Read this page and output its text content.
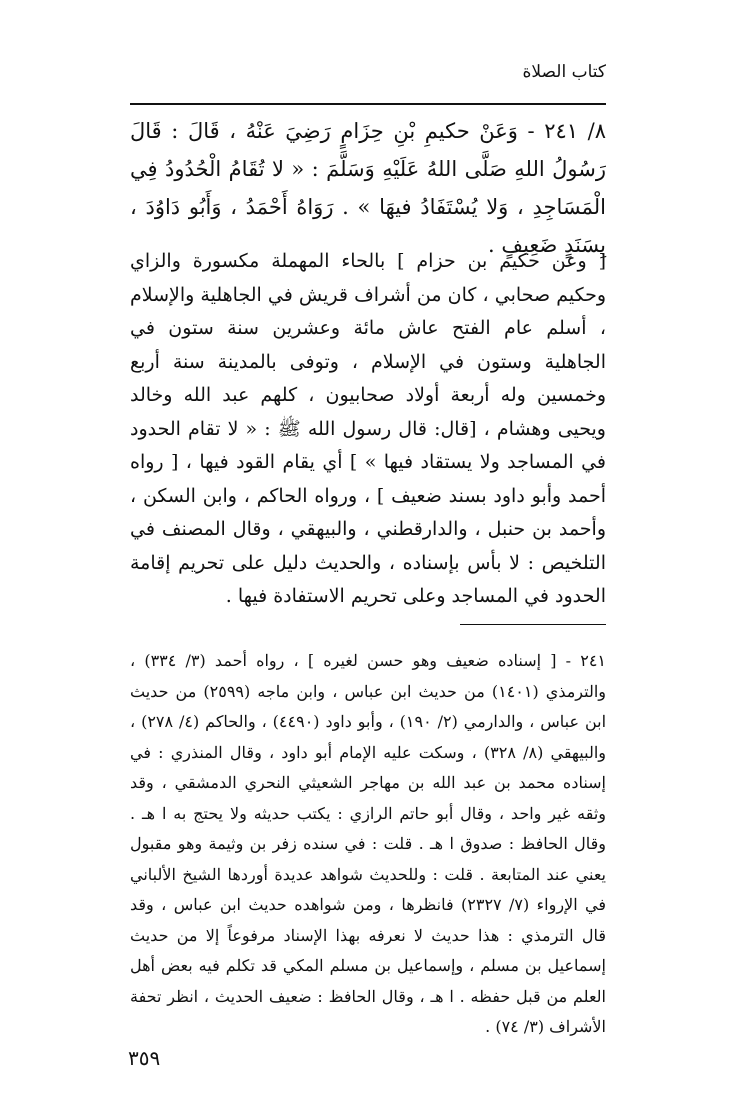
كتاب الصلاة

٨/ ٢٤١ - وَعَنْ حكيمِ بْنِ حِزَامٍ رَضِيَ عَنْهُ ، قَالَ : قَالَ رَسُولُ اللهِ صَلَّى اللهُ عَلَيْهِ وَسَلَّمَ : « لا تُقَامُ الْحُدُودُ فِي الْمَسَاجِدِ ، وَلا يُسْتَفَادُ فيهَا » . رَوَاهُ أَحْمَدُ ، وَأَبُو دَاوُدَ ، بِسَنَدٍ ضَعِيفٍ .

[ وعن حكيم بن حزام ] بالحاء المهملة مكسورة والزاي وحكيم صحابي ، كان من أشراف قريش في الجاهلية والإسلام ، أسلم عام الفتح عاش مائة وعشرين سنة ستون في الجاهلية وستون في الإسلام ، وتوفى بالمدينة سنة أربع وخمسين وله أربعة أولاد صحابيون ، كلهم عبد الله وخالد ويحيى وهشام ، [قال: قال رسول الله ﷺ : « لا تقام الحدود في المساجد ولا يستقاد فيها » ] أي يقام القود فيها ، [ رواه أحمد وأبو داود بسند ضعيف ] ، ورواه الحاكم ، وابن السكن ، وأحمد بن حنبل ، والدارقطني ، والبيهقي ، وقال المصنف في التلخيص : لا بأس بإسناده ، والحديث دليل على تحريم إقامة الحدود في المساجد وعلى تحريم الاستفادة فيها .

٢٤١ - [ إسناده ضعيف وهو حسن لغيره ] ، رواه أحمد (٣/ ٣٣٤) ، والترمذي (١٤٠١) من حديث ابن عباس ، وابن ماجه (٢٥٩٩) من حديث ابن عباس ، والدارمي (٢/ ١٩٠) ، وأبو داود (٤٤٩٠) ، والحاكم (٤/ ٢٧٨) ، والبيهقي (٨/ ٣٢٨) ، وسكت عليه الإمام أبو داود ، وقال المنذري : في إسناده محمد بن عبد الله بن مهاجر الشعيثي النحري الدمشقي ، وقد وثقه غير واحد ، وقال أبو حاتم الرازي : يكتب حديثه ولا يحتج به ا هـ . وقال الحافظ : صدوق ا هـ . قلت : في سنده زفر بن وثيمة وهو مقبول يعني عند المتابعة . قلت : وللحديث شواهد عديدة أوردها الشيخ الألباني في الإرواء (٧/ ٢٣٢٧) فانظرها ، ومن شواهده حديث ابن عباس ، وقد قال الترمذي : هذا حديث لا نعرفه بهذا الإسناد مرفوعاً إلا من حديث إسماعيل بن مسلم ، وإسماعيل بن مسلم المكي قد تكلم فيه بعض أهل العلم من قبل حفظه . ا هـ ، وقال الحافظ : ضعيف الحديث ، انظر تحفة الأشراف (٣/ ٧٤) .

٣٥٩
